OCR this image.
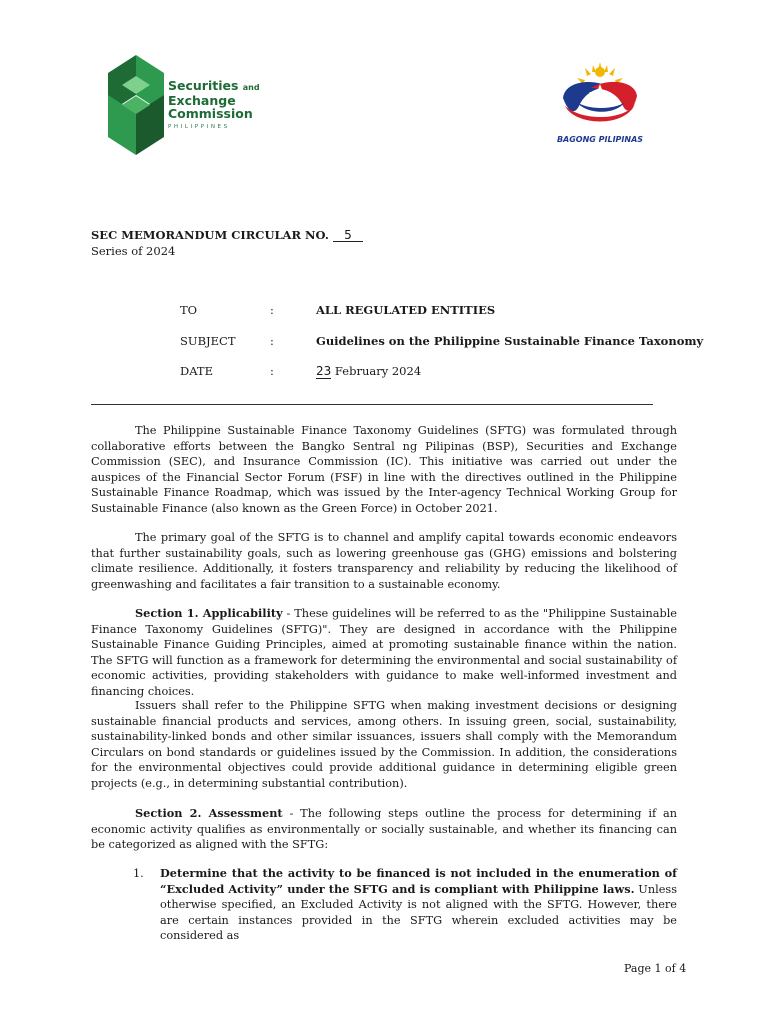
Securities and
Exchange
Commission
PHILIPPINES
BAGONG PILIPINAS
SEC MEMORANDUM CIRCULAR NO. 5
Series of 2024
TO	:	ALL REGULATED ENTITIES
SUBJECT	:	Guidelines on the Philippine Sustainable Finance Taxonomy
DATE	:	23 February 2024

The Philippine Sustainable Finance Taxonomy Guidelines (SFTG) was formulated through collaborative efforts between the Bangko Sentral ng Pilipinas (BSP), Securities and Exchange Commission (SEC), and Insurance Commission (IC). This initiative was carried out under the auspices of the Financial Sector Forum (FSF) in line with the directives outlined in the Philippine Sustainable Finance Roadmap, which was issued by the Inter-agency Technical Working Group for Sustainable Finance (also known as the Green Force) in October 2021.

The primary goal of the SFTG is to channel and amplify capital towards economic endeavors that further sustainability goals, such as lowering greenhouse gas (GHG) emissions and bolstering climate resilience. Additionally, it fosters transparency and reliability by reducing the likelihood of greenwashing and facilitates a fair transition to a sustainable economy.

Section 1. Applicability - These guidelines will be referred to as the "Philippine Sustainable Finance Taxonomy Guidelines (SFTG)". They are designed in accordance with the Philippine Sustainable Finance Guiding Principles, aimed at promoting sustainable finance within the nation. The SFTG will function as a framework for determining the environmental and social sustainability of economic activities, providing stakeholders with guidance to make well-informed investment and financing choices.

Issuers shall refer to the Philippine SFTG when making investment decisions or designing sustainable financial products and services, among others. In issuing green, social, sustainability, sustainability-linked bonds and other similar issuances, issuers shall comply with the Memorandum Circulars on bond standards or guidelines issued by the Commission. In addition, the considerations for the environmental objectives could provide additional guidance in determining eligible green projects (e.g., in determining substantial contribution).

Section 2. Assessment - The following steps outline the process for determining if an economic activity qualifies as environmentally or socially sustainable, and whether its financing can be categorized as aligned with the SFTG:

1. Determine that the activity to be financed is not included in the enumeration of “Excluded Activity” under the SFTG and is compliant with Philippine laws. Unless otherwise specified, an Excluded Activity is not aligned with the SFTG. However, there are certain instances provided in the SFTG wherein excluded activities may be considered as
Page 1 of 4
